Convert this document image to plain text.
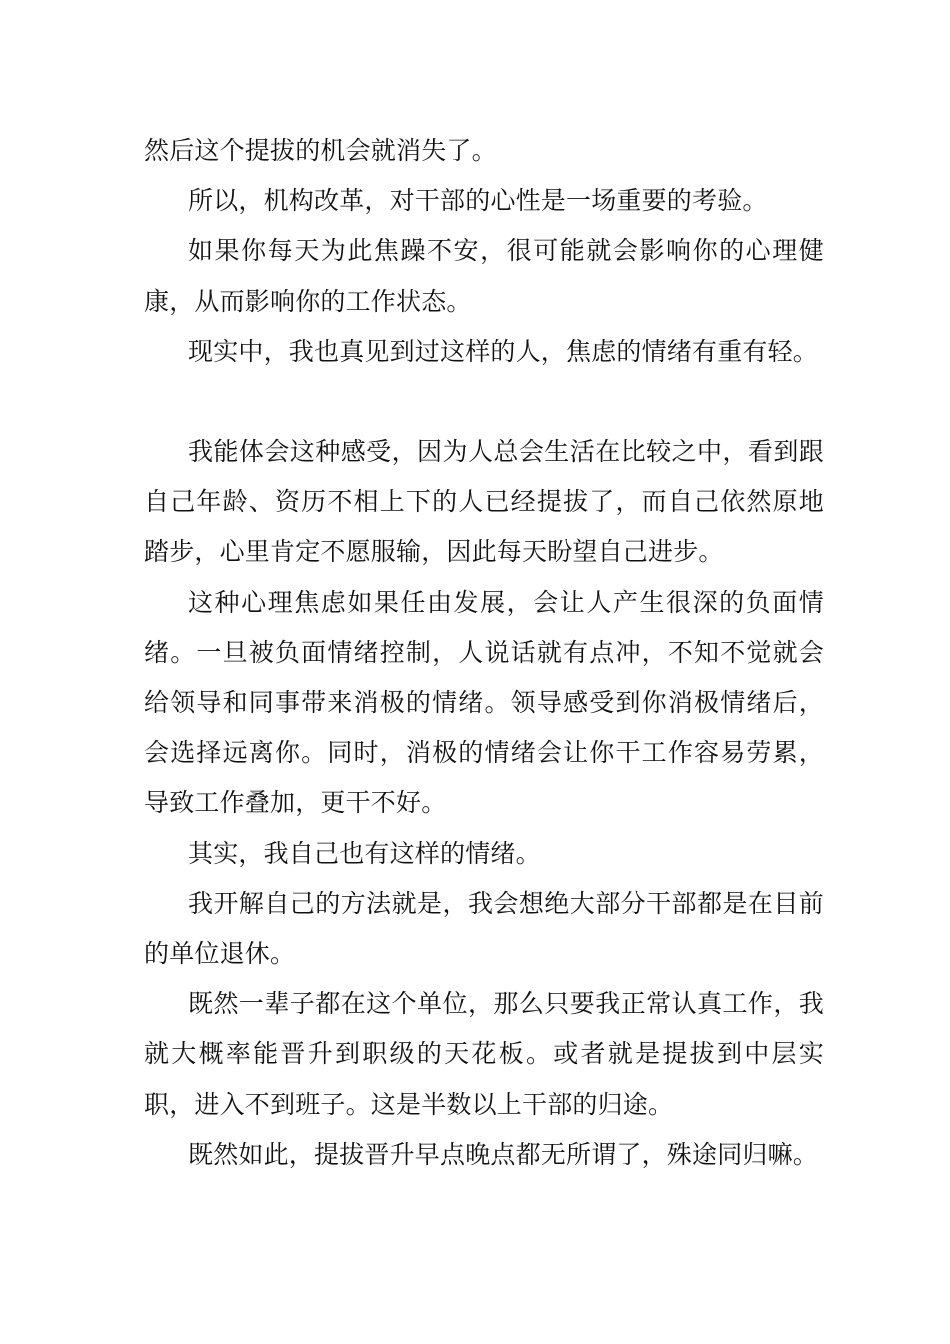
然后这个提拔的机会就消失了。

所以，机构改革，对干部的心性是一场重要的考验。

如果你每天为此焦躁不安，很可能就会影响你的心理健康，从而影响你的工作状态。

现实中，我也真见到过这样的人，焦虑的情绪有重有轻。

我能体会这种感受，因为人总会生活在比较之中，看到跟自己年龄、资历不相上下的人已经提拔了，而自己依然原地踏步，心里肯定不愿服输，因此每天盼望自己进步。

这种心理焦虑如果任由发展，会让人产生很深的负面情绪。一旦被负面情绪控制，人说话就有点冲，不知不觉就会给领导和同事带来消极的情绪。领导感受到你消极情绪后，会选择远离你。同时，消极的情绪会让你干工作容易劳累，导致工作叠加，更干不好。

其实，我自己也有这样的情绪。

我开解自己的方法就是，我会想绝大部分干部都是在目前的单位退休。

既然一辈子都在这个单位，那么只要我正常认真工作，我就大概率能晋升到职级的天花板。或者就是提拔到中层实职，进入不到班子。这是半数以上干部的归途。

既然如此，提拔晋升早点晚点都无所谓了，殊途同归嘛。
